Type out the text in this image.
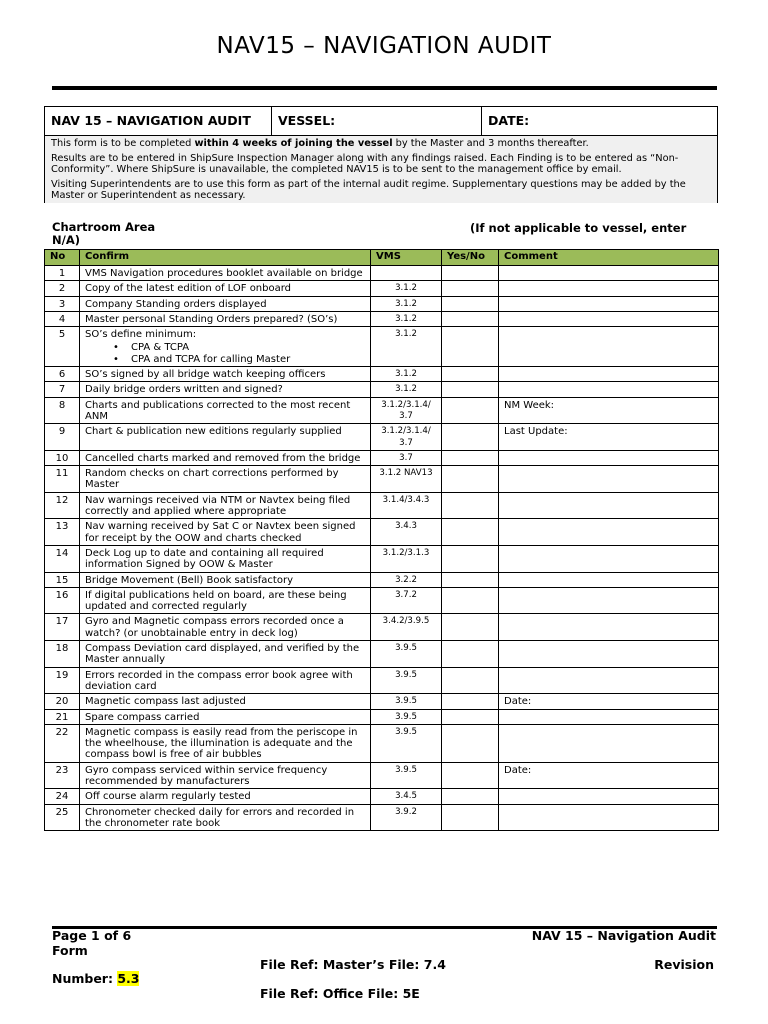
NAV15 – NAVIGATION AUDIT
NAV 15 – NAVIGATION AUDIT	VESSEL:	DATE:

This form is to be completed within 4 weeks of joining the vessel by the Master and 3 months thereafter.

Results are to be entered in ShipSure Inspection Manager along with any findings raised. Each Finding is to be entered as “Non-Conformity”. Where ShipSure is unavailable, the completed NAV15 is to be sent to the management office by email.

Visiting Superintendents are to use this form as part of the internal audit regime. Supplementary questions may be added by the Master or Superintendent as necessary.

Chartroom Area
N/A)
(If not applicable to vessel, enter
No	Confirm	VMS	Yes/No	Comment
1	VMS Navigation procedures booklet available on bridge			

2	Copy of the latest edition of LOF onboard	3.1.2		
3	Company Standing orders displayed	3.1.2		
4	Master personal Standing Orders prepared? (SO’s)	3.1.2		
5	SO’s define minimum:
• CPA & TCPA
• CPA and TCPA for calling Master	3.1.2		
6	SO’s signed by all bridge watch keeping officers	3.1.2		
7	Daily bridge orders written and signed?	3.1.2		
8	Charts and publications corrected to the most recent ANM	3.1.2/3.1.4/ 3.7		NM Week:
9	Chart & publication new editions regularly supplied	3.1.2/3.1.4/ 3.7		Last Update:
10	Cancelled charts marked and removed from the bridge	3.7		
11	Random checks on chart corrections performed by Master	3.1.2 NAV13		
12	Nav warnings received via NTM or Navtex being filed correctly and applied where appropriate	3.1.4/3.4.3		
13	Nav warning received by Sat C or Navtex been signed for receipt by the OOW and charts checked	3.4.3		
14	Deck Log up to date and containing all required information Signed by OOW & Master	3.1.2/3.1.3		
15	Bridge Movement (Bell) Book satisfactory	3.2.2		
16	If digital publications held on board, are these being updated and corrected regularly	3.7.2		
17	Gyro and Magnetic compass errors recorded once a watch? (or unobtainable entry in deck log)	3.4.2/3.9.5		
18	Compass Deviation card displayed, and verified by the Master annually	3.9.5		
19	Errors recorded in the compass error book agree with deviation card	3.9.5		
20	Magnetic compass last adjusted	3.9.5		Date:
21	Spare compass carried	3.9.5		
22	Magnetic compass is easily read from the periscope in the wheelhouse, the illumination is adequate and the compass bowl is free of air bubbles	3.9.5		
23	Gyro compass serviced within service frequency recommended by manufacturers	3.9.5		Date:
24	Off course alarm regularly tested	3.4.5		
25	Chronometer checked daily for errors and recorded in the chronometer rate book	3.9.2		
Page 1 of 6
Form
Number: 5.3
NAV 15 – Navigation Audit
Revision
File Ref: Master’s File: 7.4
File Ref: Office File: 5E
